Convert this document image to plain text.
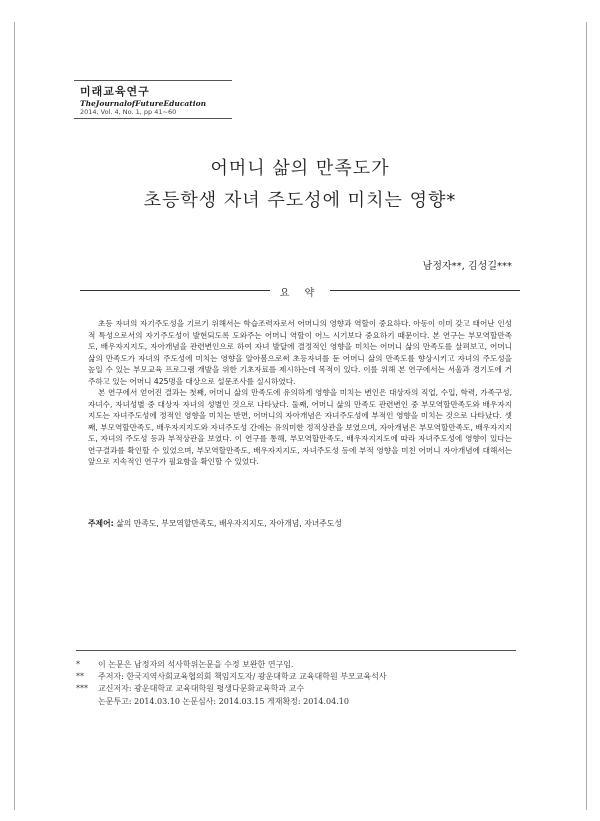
미래교육연구
TheJournalofFutureEducation
2014, Vol. 4, No. 1, pp 41~60
어머니 삶의 만족도가
초등학생 자녀 주도성에 미치는 영향*
남정자**, 김성길***
요 약

초등 자녀의 자기주도성을 기르기 위해서는 학습조력자로서 어머니의 영향과 역할이 중요하다. 아동이 이미 갖고 태어난 인성적 특성으로서의 자기주도성이 발현되도록 도와주는 어머니 역할이 어느 시기보다 중요하기 때문이다. 본 연구는 부모역할만족도, 배우자지지도, 자아개념을 관련변인으로 하여 자녀 발달에 결정적인 영향을 미치는 어머니 삶의 만족도를 살펴보고, 어머니 삶의 만족도가 자녀의 주도성에 미치는 영향을 알아봄으로써 초등자녀를 둔 어머니 삶의 만족도를 향상시키고 자녀의 주도성을 높일 수 있는 부모교육 프로그램 개발을 위한 기초자료를 제시하는데 목적이 있다. 이를 위해 본 연구에서는 서울과 경기도에 거주하고 있는 어머니 425명을 대상으로 설문조사를 실시하였다.

본 연구에서 얻어진 결과는 첫째, 어머니 삶의 만족도에 유의하게 영향을 미치는 변인은 대상자의 직업, 수입, 학력, 가족구성, 자녀수, 자녀성별 중 대상자 자녀의 성별인 것으로 나타났다. 둘째, 어머니 삶의 만족도 관련변인 중 부모역할만족도와 배우자지지도는 자녀주도성에 정적인 영향을 미치는 반면, 어머니의 자아개념은 자녀주도성에 부적인 영향을 미치는 것으로 나타났다. 셋째, 부모역할만족도, 배우자지지도와 자녀주도성 간에는 유의미한 정적상관을 보였으며, 자아개념은 부모역할만족도, 배우자지지도, 자녀의 주도성 등과 부적상관을 보였다. 이 연구를 통해, 부모역할만족도, 배우자지지도에 따라 자녀주도성에 영향이 있다는 연구결과를 확인할 수 있었으며, 부모역할만족도, 배우자지지도, 자녀주도성 등에 부적 영향을 미친 어머니 자아개념에 대해서는 앞으로 지속적인 연구가 필요함을 확인할 수 있었다.

주제어: 삶의 만족도, 부모역할만족도, 배우자지지도, 자아개념, 자녀주도성
*	이 논문은 남정자의 석사학위논문을 수정 보완한 연구임.
**	주저자: 한국지역사회교육협의회 책임지도자/ 광운대학교 교육대학원 부모교육석사
***	교신저자: 광운대학교 교육대학원 평생다문화교육학과 교수
논문투고: 2014.03.10 논문심사: 2014.03.15 게재확정: 2014.04.10
